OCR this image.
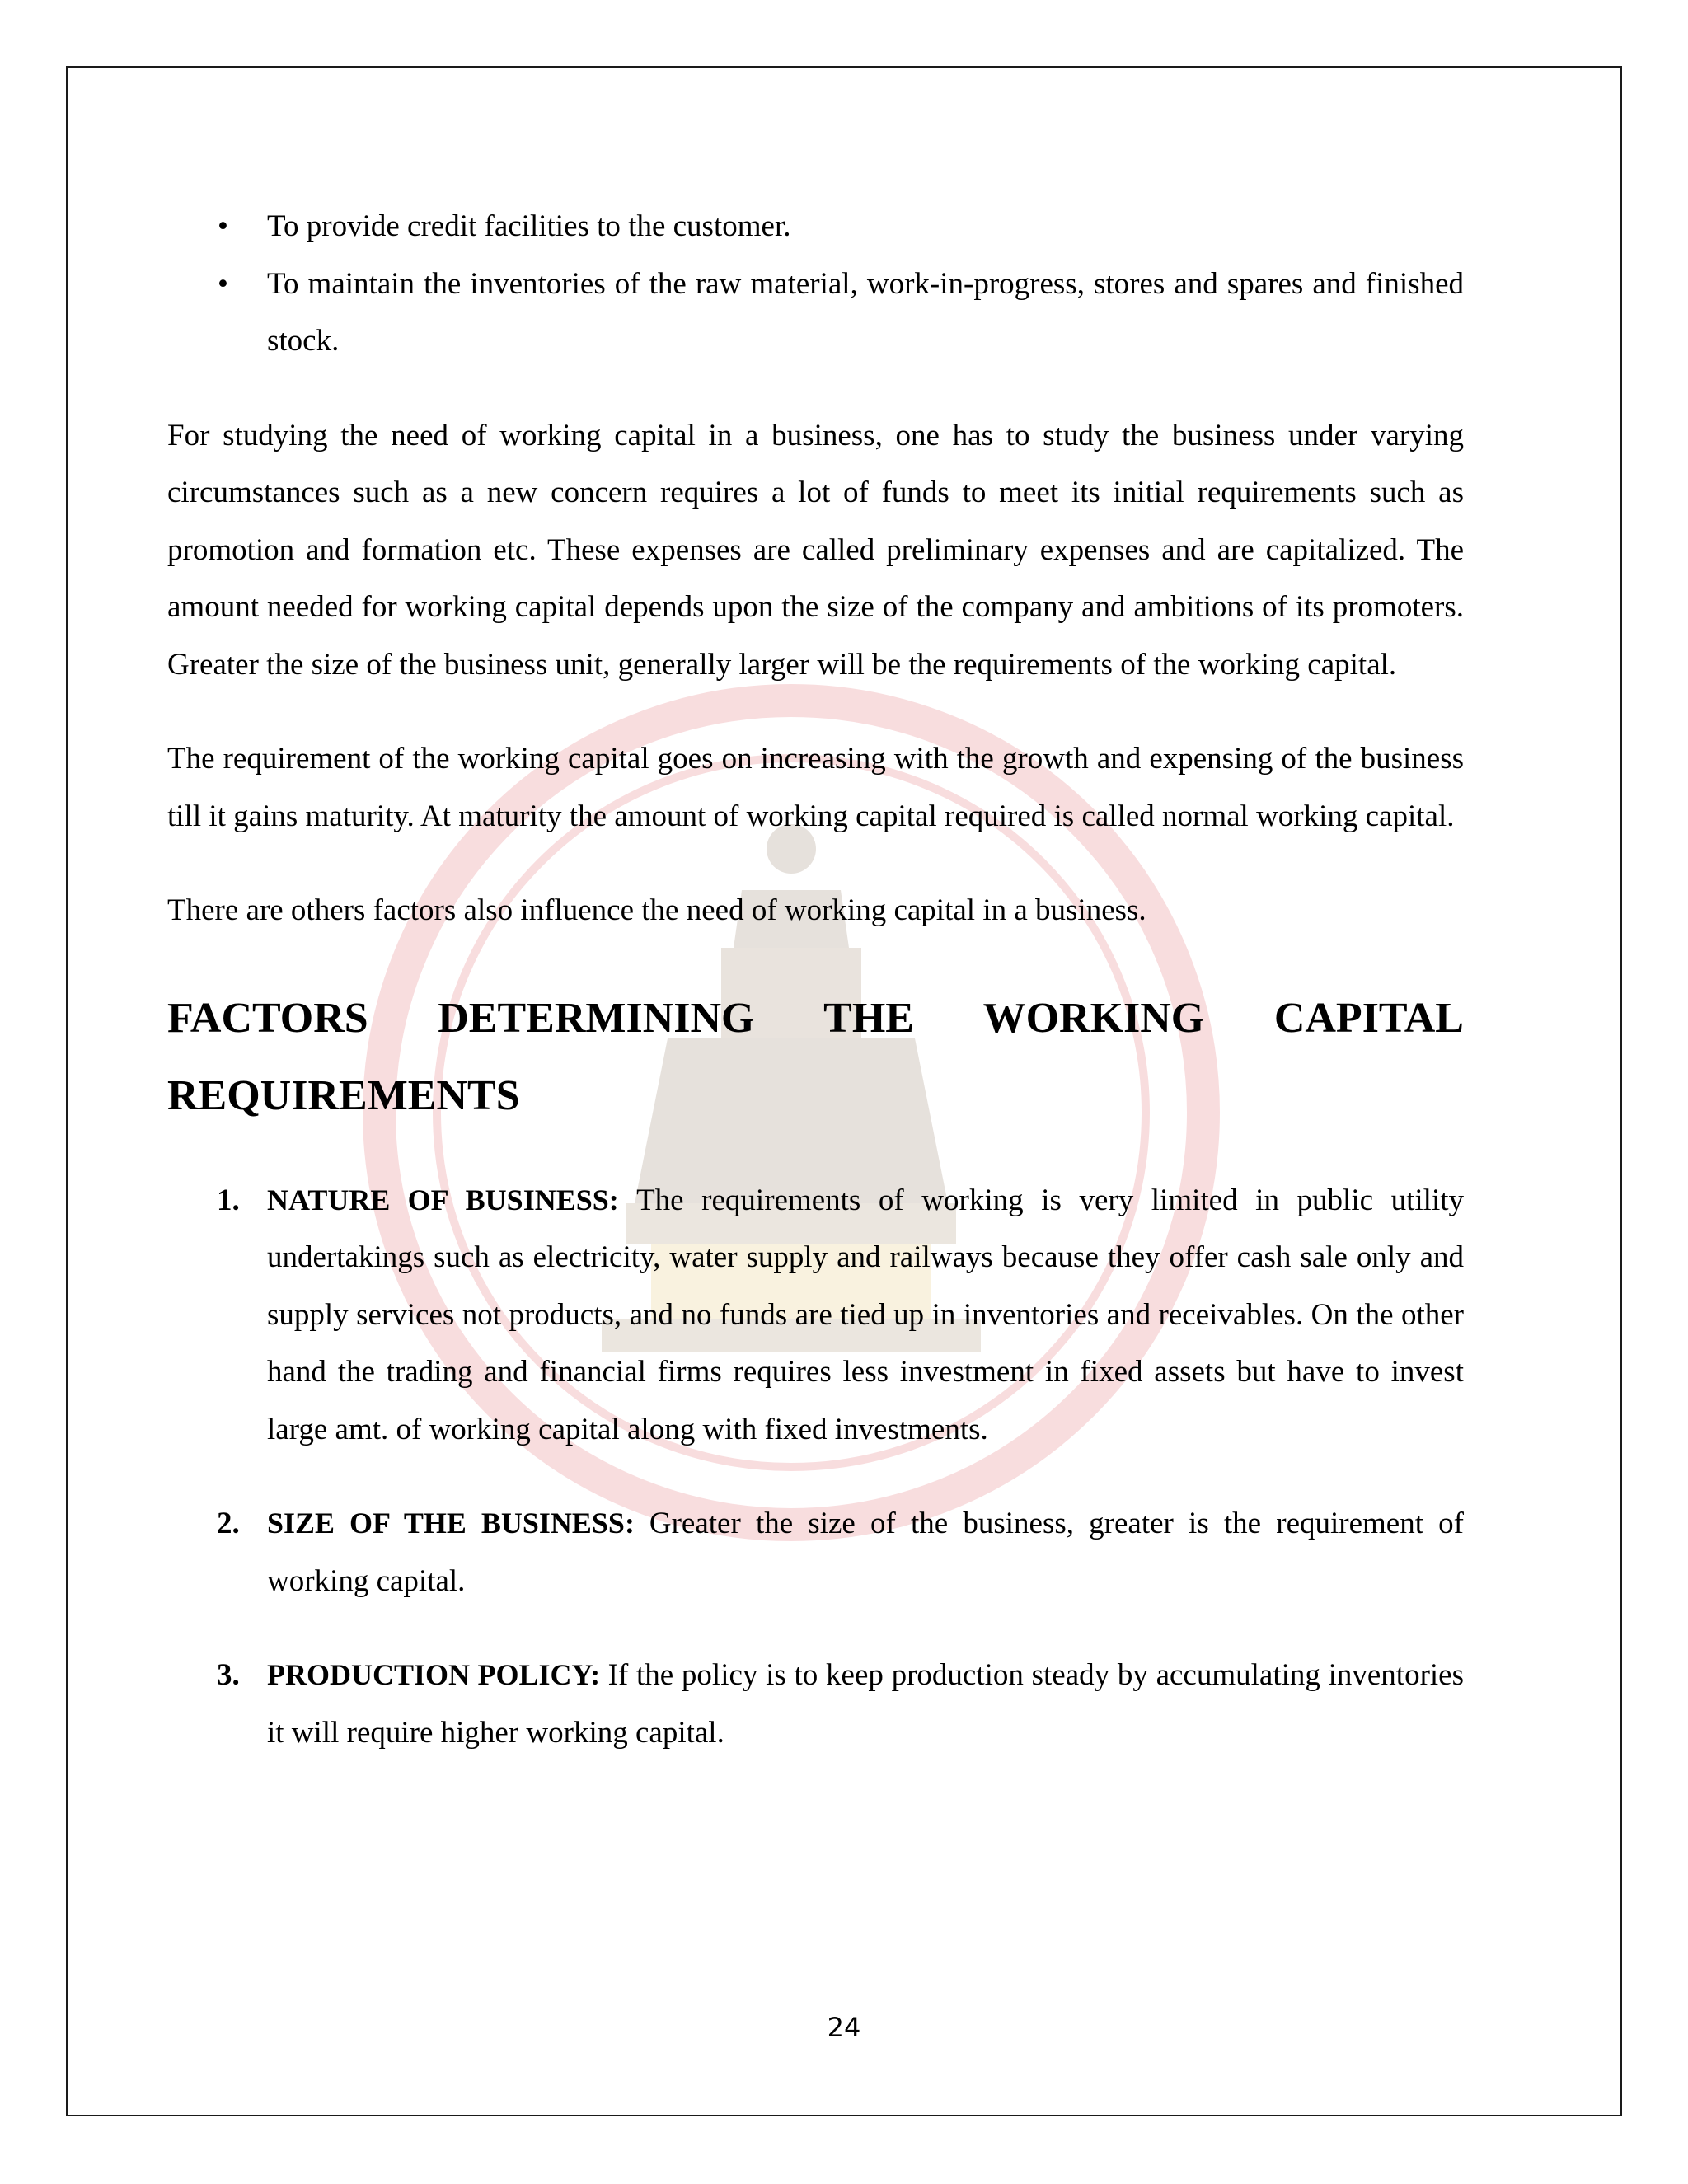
• To provide credit facilities to the customer.
• To maintain the inventories of the raw material, work-in-progress, stores and spares and finished stock.

For studying the need of working capital in a business, one has to study the business under varying circumstances such as a new concern requires a lot of funds to meet its initial requirements such as promotion and formation etc. These expenses are called preliminary expenses and are capitalized. The amount needed for working capital depends upon the size of the company and ambitions of its promoters. Greater the size of the business unit, generally larger will be the requirements of the working capital.

The requirement of the working capital goes on increasing with the growth and expensing of the business till it gains maturity. At maturity the amount of working capital required is called normal working capital.

There are others factors also influence the need of working capital in a business.

FACTORS DETERMINING THE WORKING CAPITAL
REQUIREMENTS
1. NATURE OF BUSINESS: The requirements of working is very limited in public utility undertakings such as electricity, water supply and railways because they offer cash sale only and supply services not products, and no funds are tied up in inventories and receivables. On the other hand the trading and financial firms requires less investment in fixed assets but have to invest large amt. of working capital along with fixed investments.
2. SIZE OF THE BUSINESS: Greater the size of the business, greater is the requirement of working capital.
3. PRODUCTION POLICY: If the policy is to keep production steady by accumulating inventories it will require higher working capital.
24
